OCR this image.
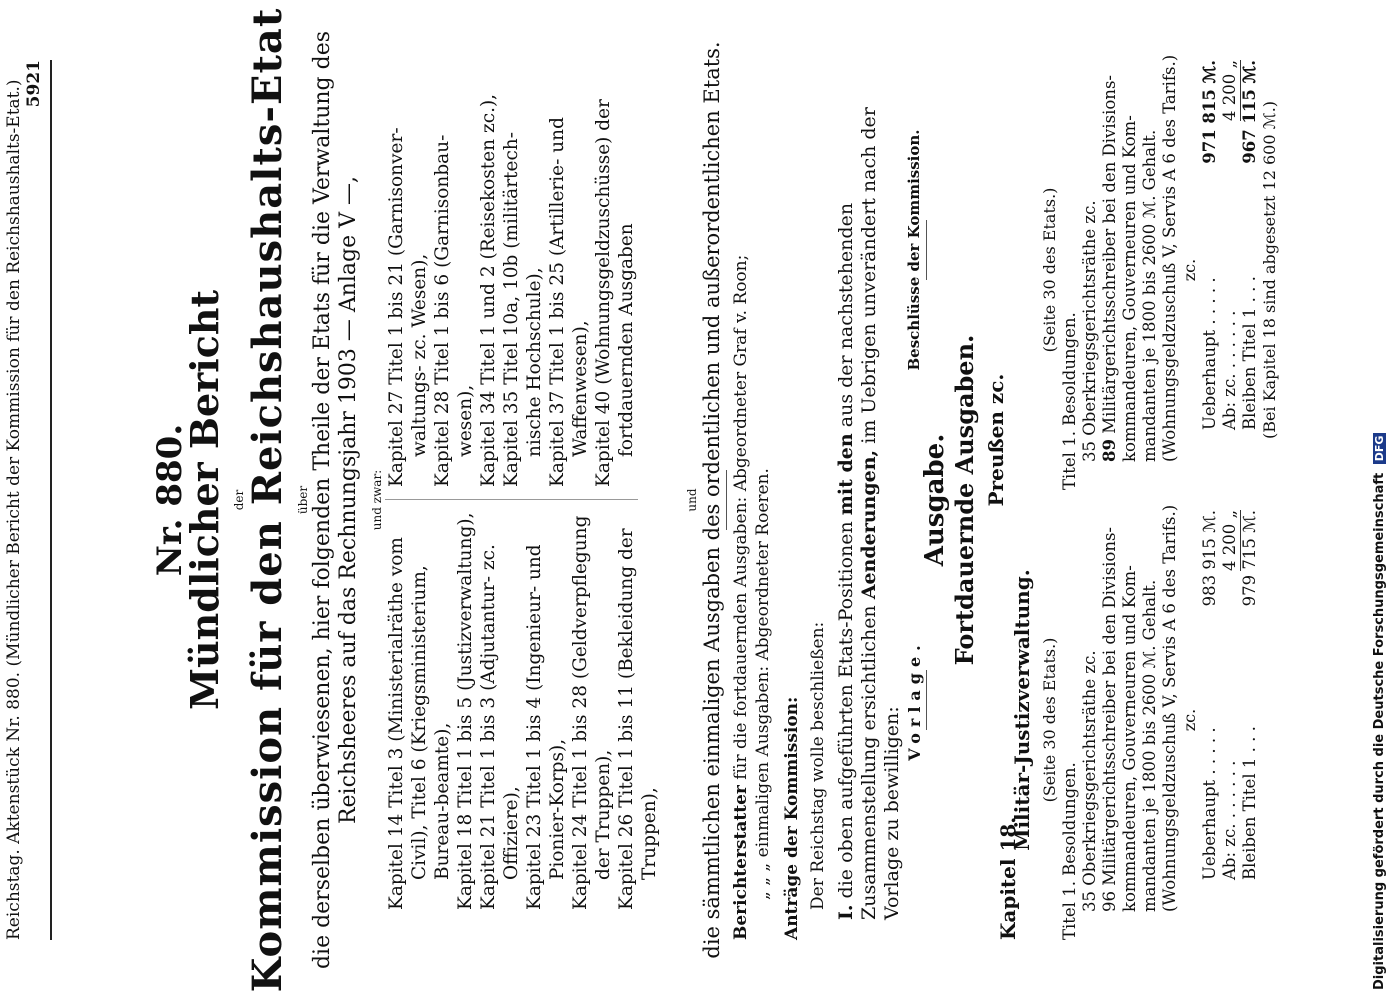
Reichstag. Aktenstück Nr. 880. (Mündlicher Bericht der Kommission für den Reichshaushalts-Etat.) 5921
Nr. 880.
Mündlicher Bericht der
Kommission für den Reichshaushalts-Etat über die derselben überwiesenen, hier folgenden Theile der Etats für die Verwaltung des Reichsheeres auf das Rechnungsjahr 1903 — Anlage V —, und zwar:
Kapitel 14 Titel 3 (Ministerialräthe vom Civil), Titel 6 (Kriegsministerium, Bureau-beamte), Kapitel 18 Titel 1 bis 5 (Justizverwaltung), Kapitel 21 Titel 1 bis 3 (Adjutantur- zc. Offiziere), Kapitel 23 Titel 1 bis 4 (Ingenieur- und Pionier-Korps), Kapitel 24 Titel 1 bis 28 (Geldverpflegung der Truppen), Kapitel 26 Titel 1 bis 11 (Bekleidung der Truppen),
Kapitel 27 Titel 1 bis 21 (Garnisonver-waltungs- zc. Wesen), Kapitel 28 Titel 1 bis 6 (Garnisonbau-wesen), Kapitel 34 Titel 1 und 2 (Reisekosten zc.), Kapitel 35 Titel 10a, 10b (militärtech-nische Hochschule), Kapitel 37 Titel 1 bis 25 (Artillerie- und Waffenwesen), Kapitel 40 (Wohnungsgeldzuschüsse) der fortdauernden Ausgaben
und die sämmtlichen einmaligen Ausgaben des ordentlichen und außerordentlichen Etats. Berichterstatter für die fortdauernden Ausgaben: Abgeordneter Graf v. Roon;
„ „ „ einmaligen Ausgaben: Abgeordneter Roeren. Anträge der Kommission: Der Reichstag wolle beschließen:
I. die oben aufgeführten Etats-Positionen mit den aus der nachstehenden Zusammenstellung ersichtlichen Aenderungen, im Uebrigen unverändert nach der Vorlage zu bewilligen:
Vorlage.
Beschlüsse der Kommission.
Ausgabe. Fortdauernde Ausgaben. Preußen zc.
Kapitel 18.
Militär-Justizverwaltung. (Seite 30 des Etats.)
Titel 1. Besoldungen. 35 Oberkriegsgerichtsräthe zc. 96 Militärgerichtsschreiber bei den Divisions-kommandeuren, Gouverneuren und Kom-mandanten je 1800 bis 2600 ℳ. Gehalt. (Wohnungsgeldzuschuß V, Servis A 6 des Tarifs.) zc.
Ueberhaupt . . . . .
983 915 ℳ.
Ab: zc. . . . . . .
4 200 „
Bleiben Titel 1 . . .
979 715 ℳ.
(Seite 30 des Etats.)
Titel 1. Besoldungen. 35 Oberkriegsgerichtsräthe zc. 89 Militärgerichtsschreiber bei den Divisions-kommandeuren, Gouverneuren und Kom-mandanten je 1800 bis 2600 ℳ. Gehalt. (Wohnungsgeldzuschuß V, Servis A 6 des Tarifs.) zc.
Ueberhaupt . . . . .
971 815 ℳ.
Ab: zc. . . . . . .
4 200 „
Bleiben Titel 1 . . .
967 115 ℳ. (Bei Kapitel 18 sind abgesetzt 12 600 ℳ.)
Digitalisierung gefördert durch die Deutsche Forschungsgemeinschaft DFG
